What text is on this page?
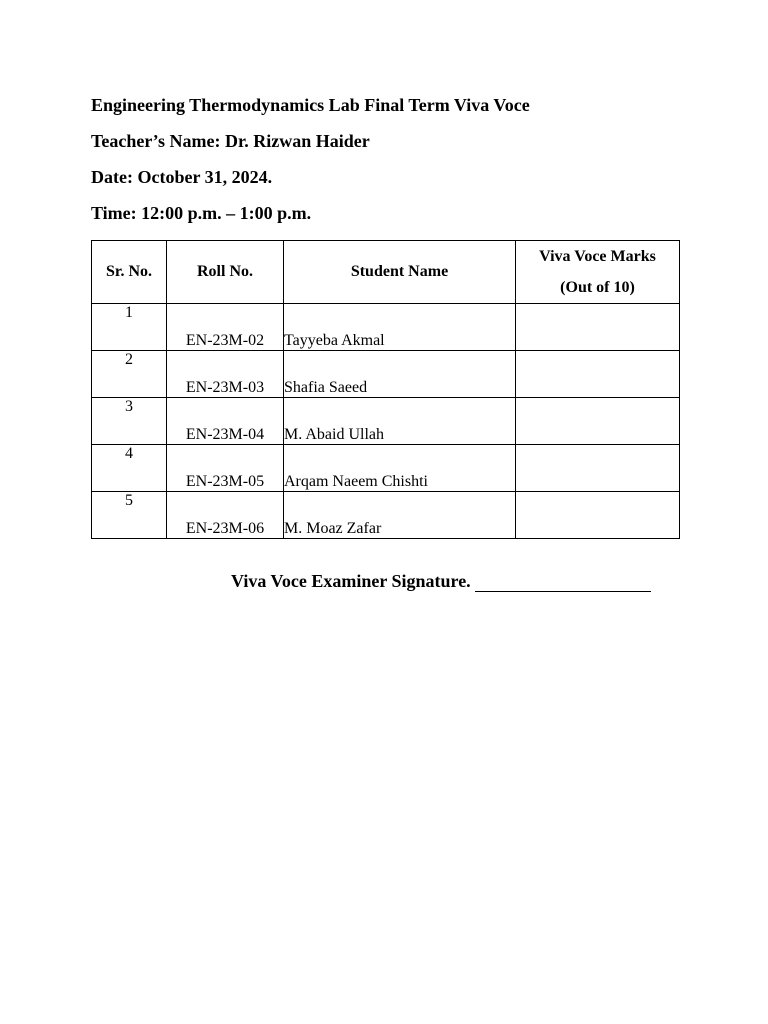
Engineering Thermodynamics Lab Final Term Viva Voce
Teacher’s Name: Dr. Rizwan Haider
Date: October 31, 2024.
Time: 12:00 p.m. – 1:00 p.m.
Sr. No.	Roll No.	Student Name	Viva Voce Marks
(Out of 10)

1	EN-23M-02	Tayyeba Akmal	
2	EN-23M-03	Shafia Saeed	
3	EN-23M-04	M. Abaid Ullah	
4	EN-23M-05	Arqam Naeem Chishti	
5	EN-23M-06	M. Moaz Zafar	
Viva Voce Examiner Signature.
